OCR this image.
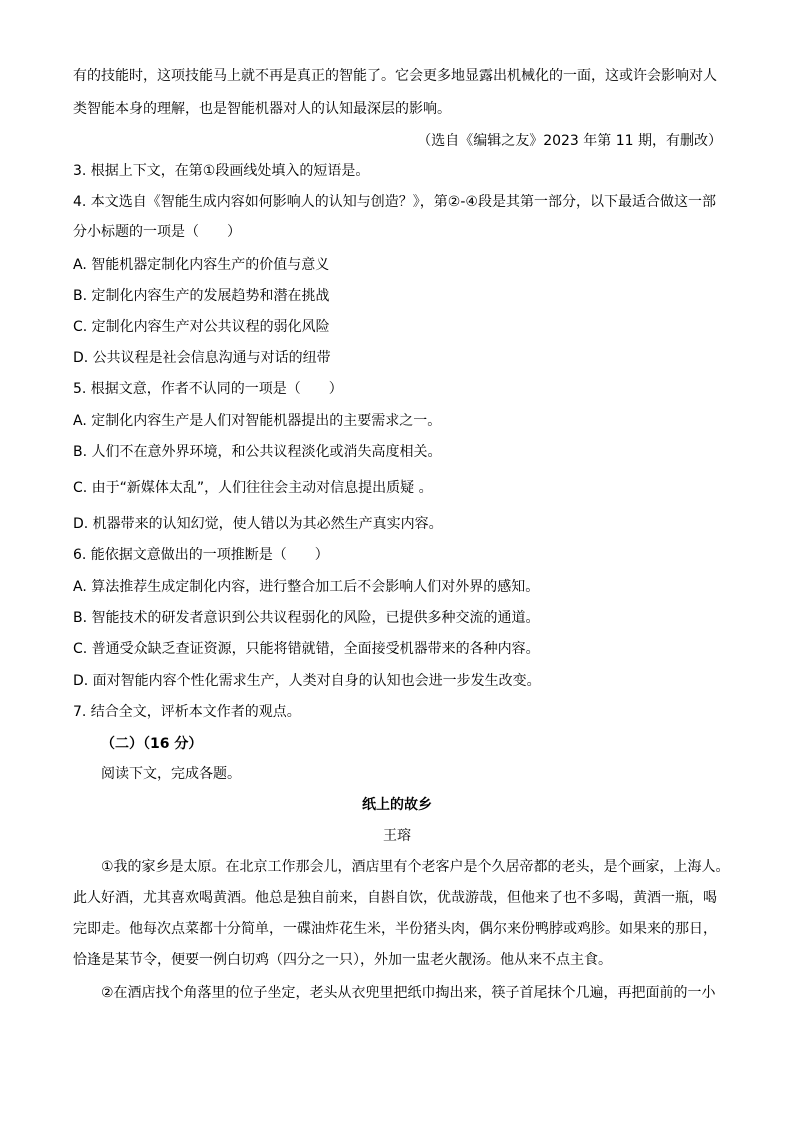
有的技能时，这项技能马上就不再是真正的智能了。它会更多地显露出机械化的一面，这或许会影响对人
类智能本身的理解，也是智能机器对人的认知最深层的影响。
（选自《编辑之友》2023 年第 11 期，有删改）
3. 根据上下文，在第①段画线处填入的短语是。
4. 本文选自《智能生成内容如何影响人的认知与创造？》，第②-④段是其第一部分，以下最适合做这一部
分小标题的一项是（　　）
A. 智能机器定制化内容生产的价值与意义
B. 定制化内容生产的发展趋势和潜在挑战
C. 定制化内容生产对公共议程的弱化风险
D. 公共议程是社会信息沟通与对话的纽带
5. 根据文意，作者不认同的一项是（　　）
A. 定制化内容生产是人们对智能机器提出的主要需求之一。
B. 人们不在意外界环境，和公共议程淡化或消失高度相关。
C. 由于“新媒体太乱”，人们往往会主动对信息提出质疑 。
D. 机器带来的认知幻觉，使人错以为其必然生产真实内容。
6. 能依据文意做出的一项推断是（　　）
A. 算法推荐生成定制化内容，进行整合加工后不会影响人们对外界的感知。
B. 智能技术的研发者意识到公共议程弱化的风险，已提供多种交流的通道。
C. 普通受众缺乏查证资源，只能将错就错，全面接受机器带来的各种内容。
D. 面对智能内容个性化需求生产，人类对自身的认知也会进一步发生改变。
7. 结合全文，评析本文作者的观点。
（二）（16 分）
阅读下文，完成各题。
纸上的故乡
王瑢
①我的家乡是太原。在北京工作那会儿，酒店里有个老客户是个久居帝都的老头，是个画家，上海人。
此人好酒，尤其喜欢喝黄酒。他总是独自前来，自斟自饮，优哉游哉，但他来了也不多喝，黄酒一瓶，喝
完即走。他每次点菜都十分简单，一碟油炸花生米，半份猪头肉，偶尔来份鸭脖或鸡胗。如果来的那日，
恰逢是某节令，便要一例白切鸡（四分之一只），外加一盅老火靓汤。他从来不点主食。
②在酒店找个角落里的位子坐定，老头从衣兜里把纸巾掏出来，筷子首尾抹个几遍，再把面前的一小
